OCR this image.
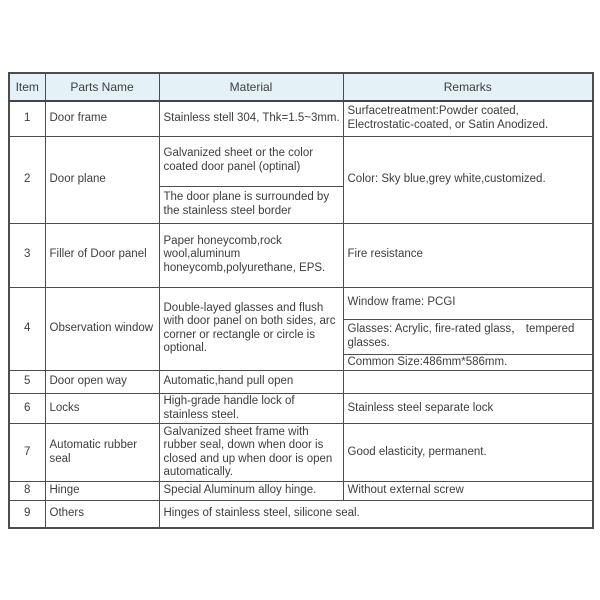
Item	Parts Name	Material	Remarks
1	Door frame	Stainless stell 304, Thk=1.5~3mm.	Surfacetreatment:Powder coated, Electrostatic-coated, or Satin Anodized.
2	Door plane	Galvanized sheet or the color coated door panel (optinal)	Color: Sky blue,grey white,customized.
		The door plane is surrounded by the stainless steel border	
3	Filler of Door panel	Paper honeycomb,rock wool,aluminum honeycomb,polyurethane, EPS.	Fire resistance
4	Observation window	Double-layed glasses and flush with door panel on both sides, arc corner or rectangle or circle is optional.	Window frame: PCGI
			Glasses: Acrylic, fire-rated glass， tempered glasses.
			Common Size:486mm*586mm.
5	Door open way	Automatic,hand pull open	
6	Locks	High-grade handle lock of stainless steel.	Stainless steel separate lock
7	Automatic rubber seal	Galvanized sheet frame with rubber seal, down when door is closed and up when door is open automatically.	Good elasticity, permanent.
8	Hinge	Special Aluminum alloy hinge.	Without external screw
9	Others	Hinges of stainless steel, silicone seal.	
